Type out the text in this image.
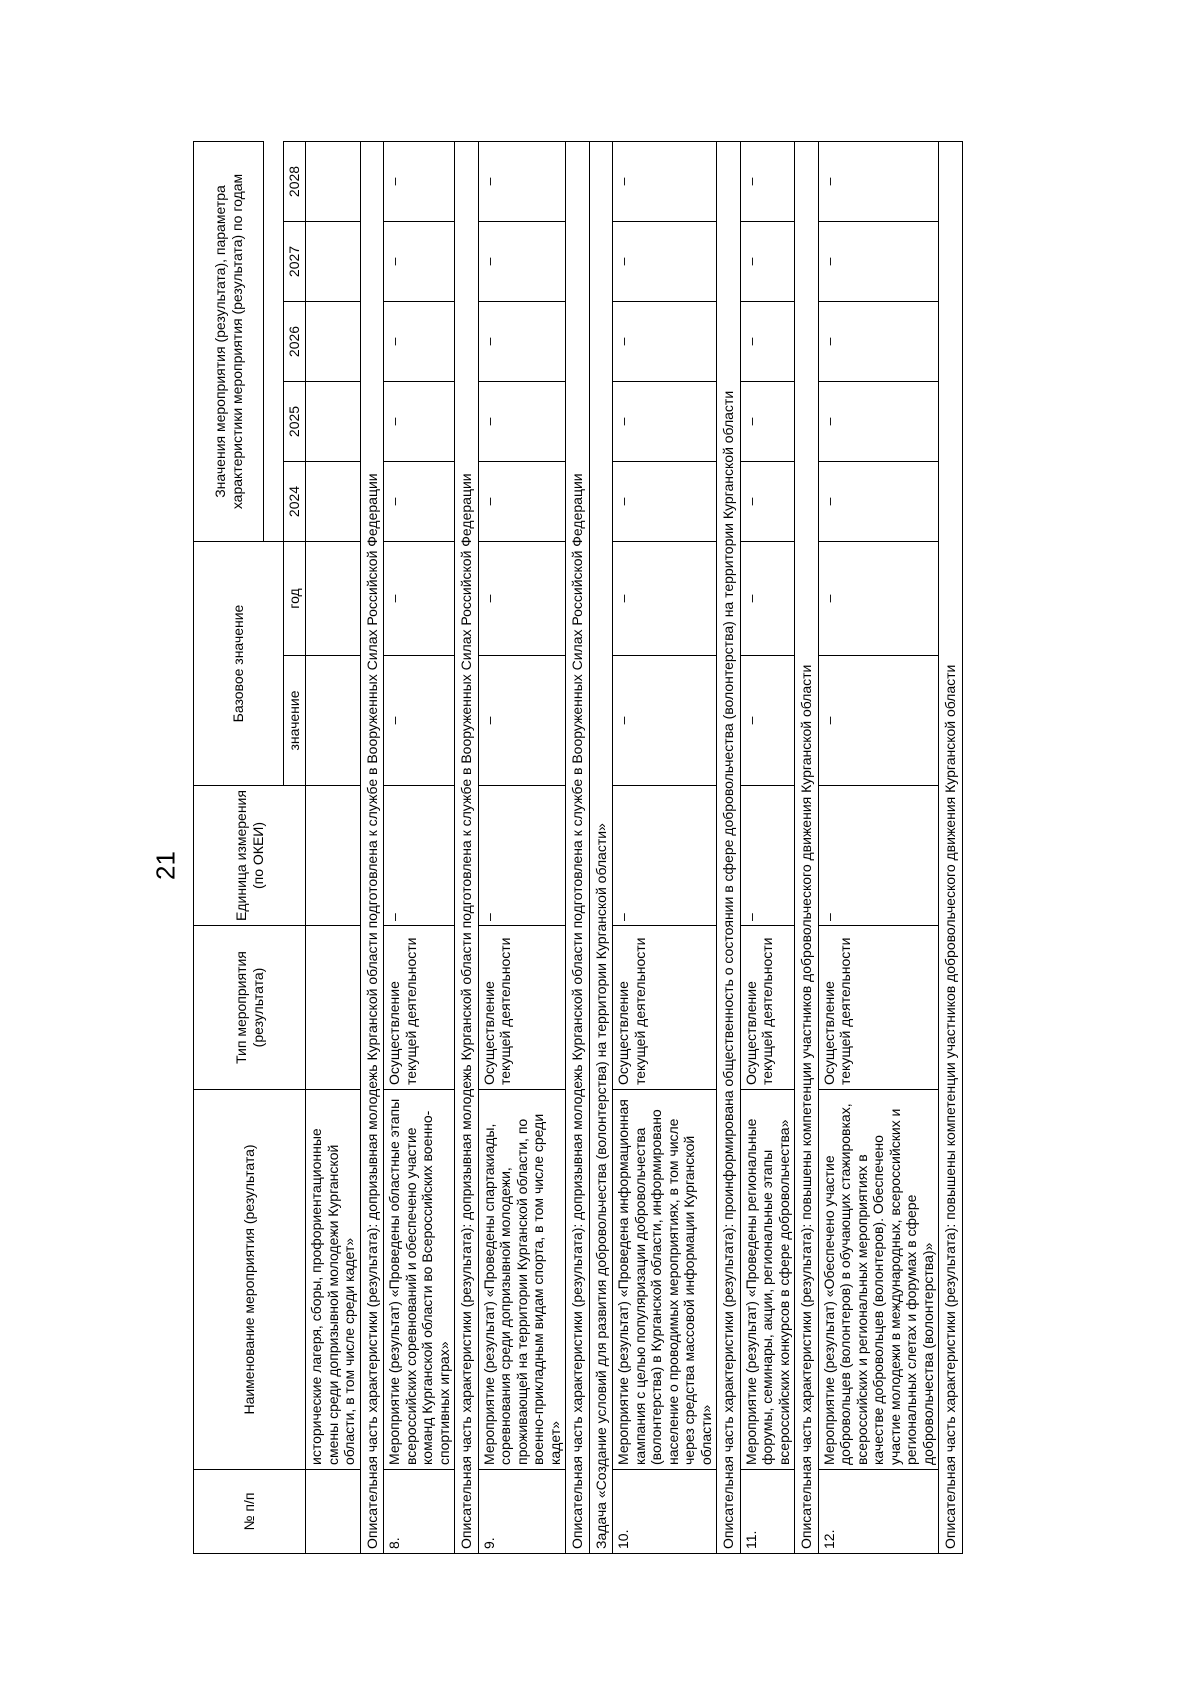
21
№ п/п	Наименование мероприятия (результата)	Тип мероприятия (результата)	Единица измерения (по ОКЕИ)	Базовое значение		Значения мероприятия (результата), параметра характеристики мероприятия (результата) по годам				

				значение	год	2024	2025	2026	2027	2028
	исторические лагеря, сборы, профориентационные смены среди допризывной молодежи Курганской области, в том числе среди кадет»									
Описательная часть характеристики (результата): допризывная молодежь Курганской области подготовлена к службе в Вооруженных Силах Российской Федерации										
8.	Мероприятие (результат) «Проведены областные этапы всероссийских соревнований и обеспечено участие команд Курганской области во Всероссийских военно-спортивных играх»	Осуществление текущей деятельности	–	–	–	–	–	–	–	–
Описательная часть характеристики (результата): допризывная молодежь Курганской области подготовлена к службе в Вооруженных Силах Российской Федерации										
9.	Мероприятие (результат) «Проведены спартакиады, соревнования среди допризывной молодежи, проживающей на территории Курганской области, по военно-прикладным видам спорта, в том числе среди кадет»	Осуществление текущей деятельности	–	–	–	–	–	–	–	–
Описательная часть характеристики (результата): допризывная молодежь Курганской области подготовлена к службе в Вооруженных Силах Российской Федерации										
Задача «Создание условий для развития добровольчества (волонтерства) на территории Курганской области»										
10.	Мероприятие (результат) «Проведена информационная кампания с целью популяризации добровольчества (волонтерства) в Курганской области, информировано население о проводимых мероприятиях, в том числе через средства массовой информации Курганской области»	Осуществление текущей деятельности	–	–	–	–	–	–	–	–
Описательная часть характеристики (результата): проинформирована общественность о состоянии в сфере добровольчества (волонтерства) на территории Курганской области										
11.	Мероприятие (результат) «Проведены региональные форумы, семинары, акции, региональные этапы всероссийских конкурсов в сфере добровольчества»	Осуществление текущей деятельности	–	–	–	–	–	–	–	–
Описательная часть характеристики (результата): повышены компетенции участников добровольческого движения Курганской области										
12.	Мероприятие (результат) «Обеспечено участие добровольцев (волонтеров) в обучающих стажировках, всероссийских и региональных мероприятиях в качестве добровольцев (волонтеров). Обеспечено участие молодежи в международных, всероссийских и региональных слетах и форумах в сфере добровольчества (волонтерства)»	Осуществление текущей деятельности	–	–	–	–	–	–	–	–
Описательная часть характеристики (результата): повышены компетенции участников добровольческого движения Курганской области										
